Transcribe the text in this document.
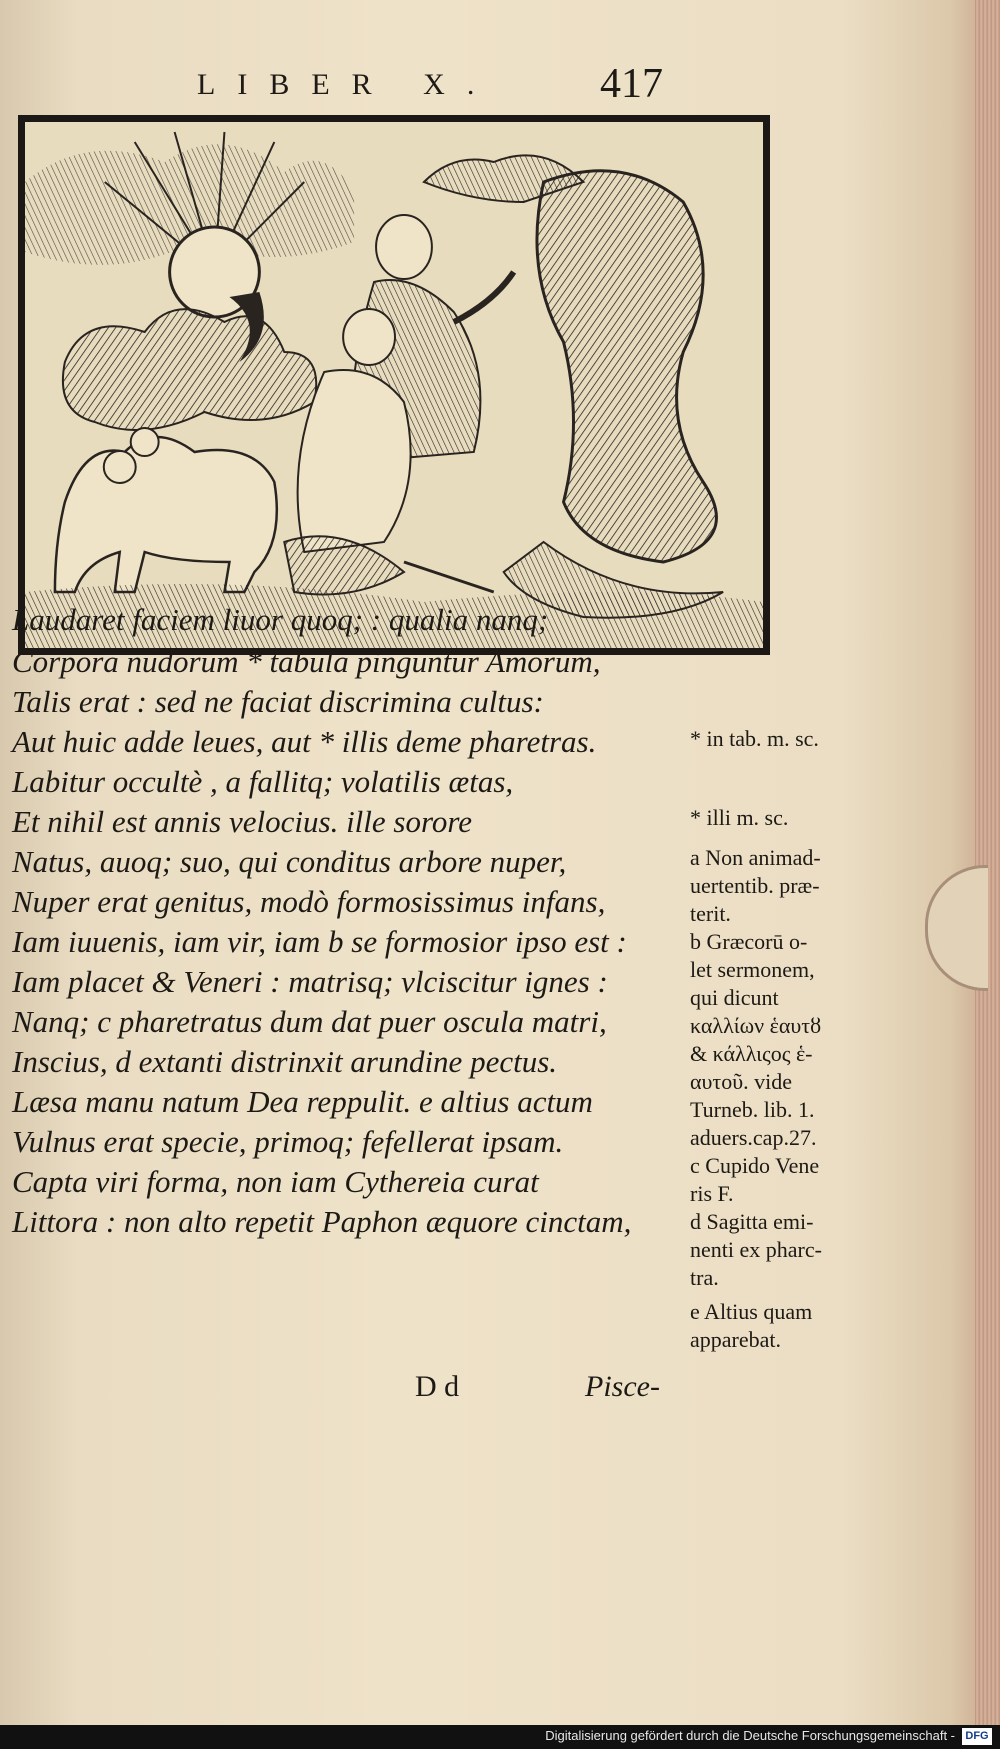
LIBER X. 417
Laudaret faciem liuor quoq; : qualia nanq;
Corpora nudorum * tabula pinguntur Amorum,
Talis erat : sed ne faciat discrimina cultus:
Aut huic adde leues, aut * illis deme pharetras.
Labitur occultè , a fallitq; volatilis ætas,
Et nihil est annis velocius. ille sorore
Natus, auoq; suo, qui conditus arbore nuper,
Nuper erat genitus, modò formosissimus infans,
Iam iuuenis, iam vir, iam b se formosior ipso est :
Iam placet & Veneri : matrisq; vlciscitur ignes :
Nanq; c pharetratus dum dat puer oscula matri,
Inscius, d extanti distrinxit arundine pectus.
Læsa manu natum Dea reppulit. e altius actum
Vulnus erat specie, primoq; fefellerat ipsam.
Capta viri forma, non iam Cythereia curat
Littora : non alto repetit Paphon æquore cinctam,
D d	Pisce-
* in tab. m. sc.
* illi m. sc.
a Non animad-
uertentib. præ-
terit.
b Græcorū o-
let sermonem,
qui dicunt
καλλίων ἑαυτȣ
& κάλλιςος ἑ-
αυτοῦ. vide
Turneb. lib. 1.
aduers.cap.27.
c Cupido Vene
ris F.
d Sagitta emi-
nenti ex pharc-
tra.
e Altius quam
apparebat.
Digitalisierung gefördert durch die Deutsche Forschungsgemeinschaft - DFG
